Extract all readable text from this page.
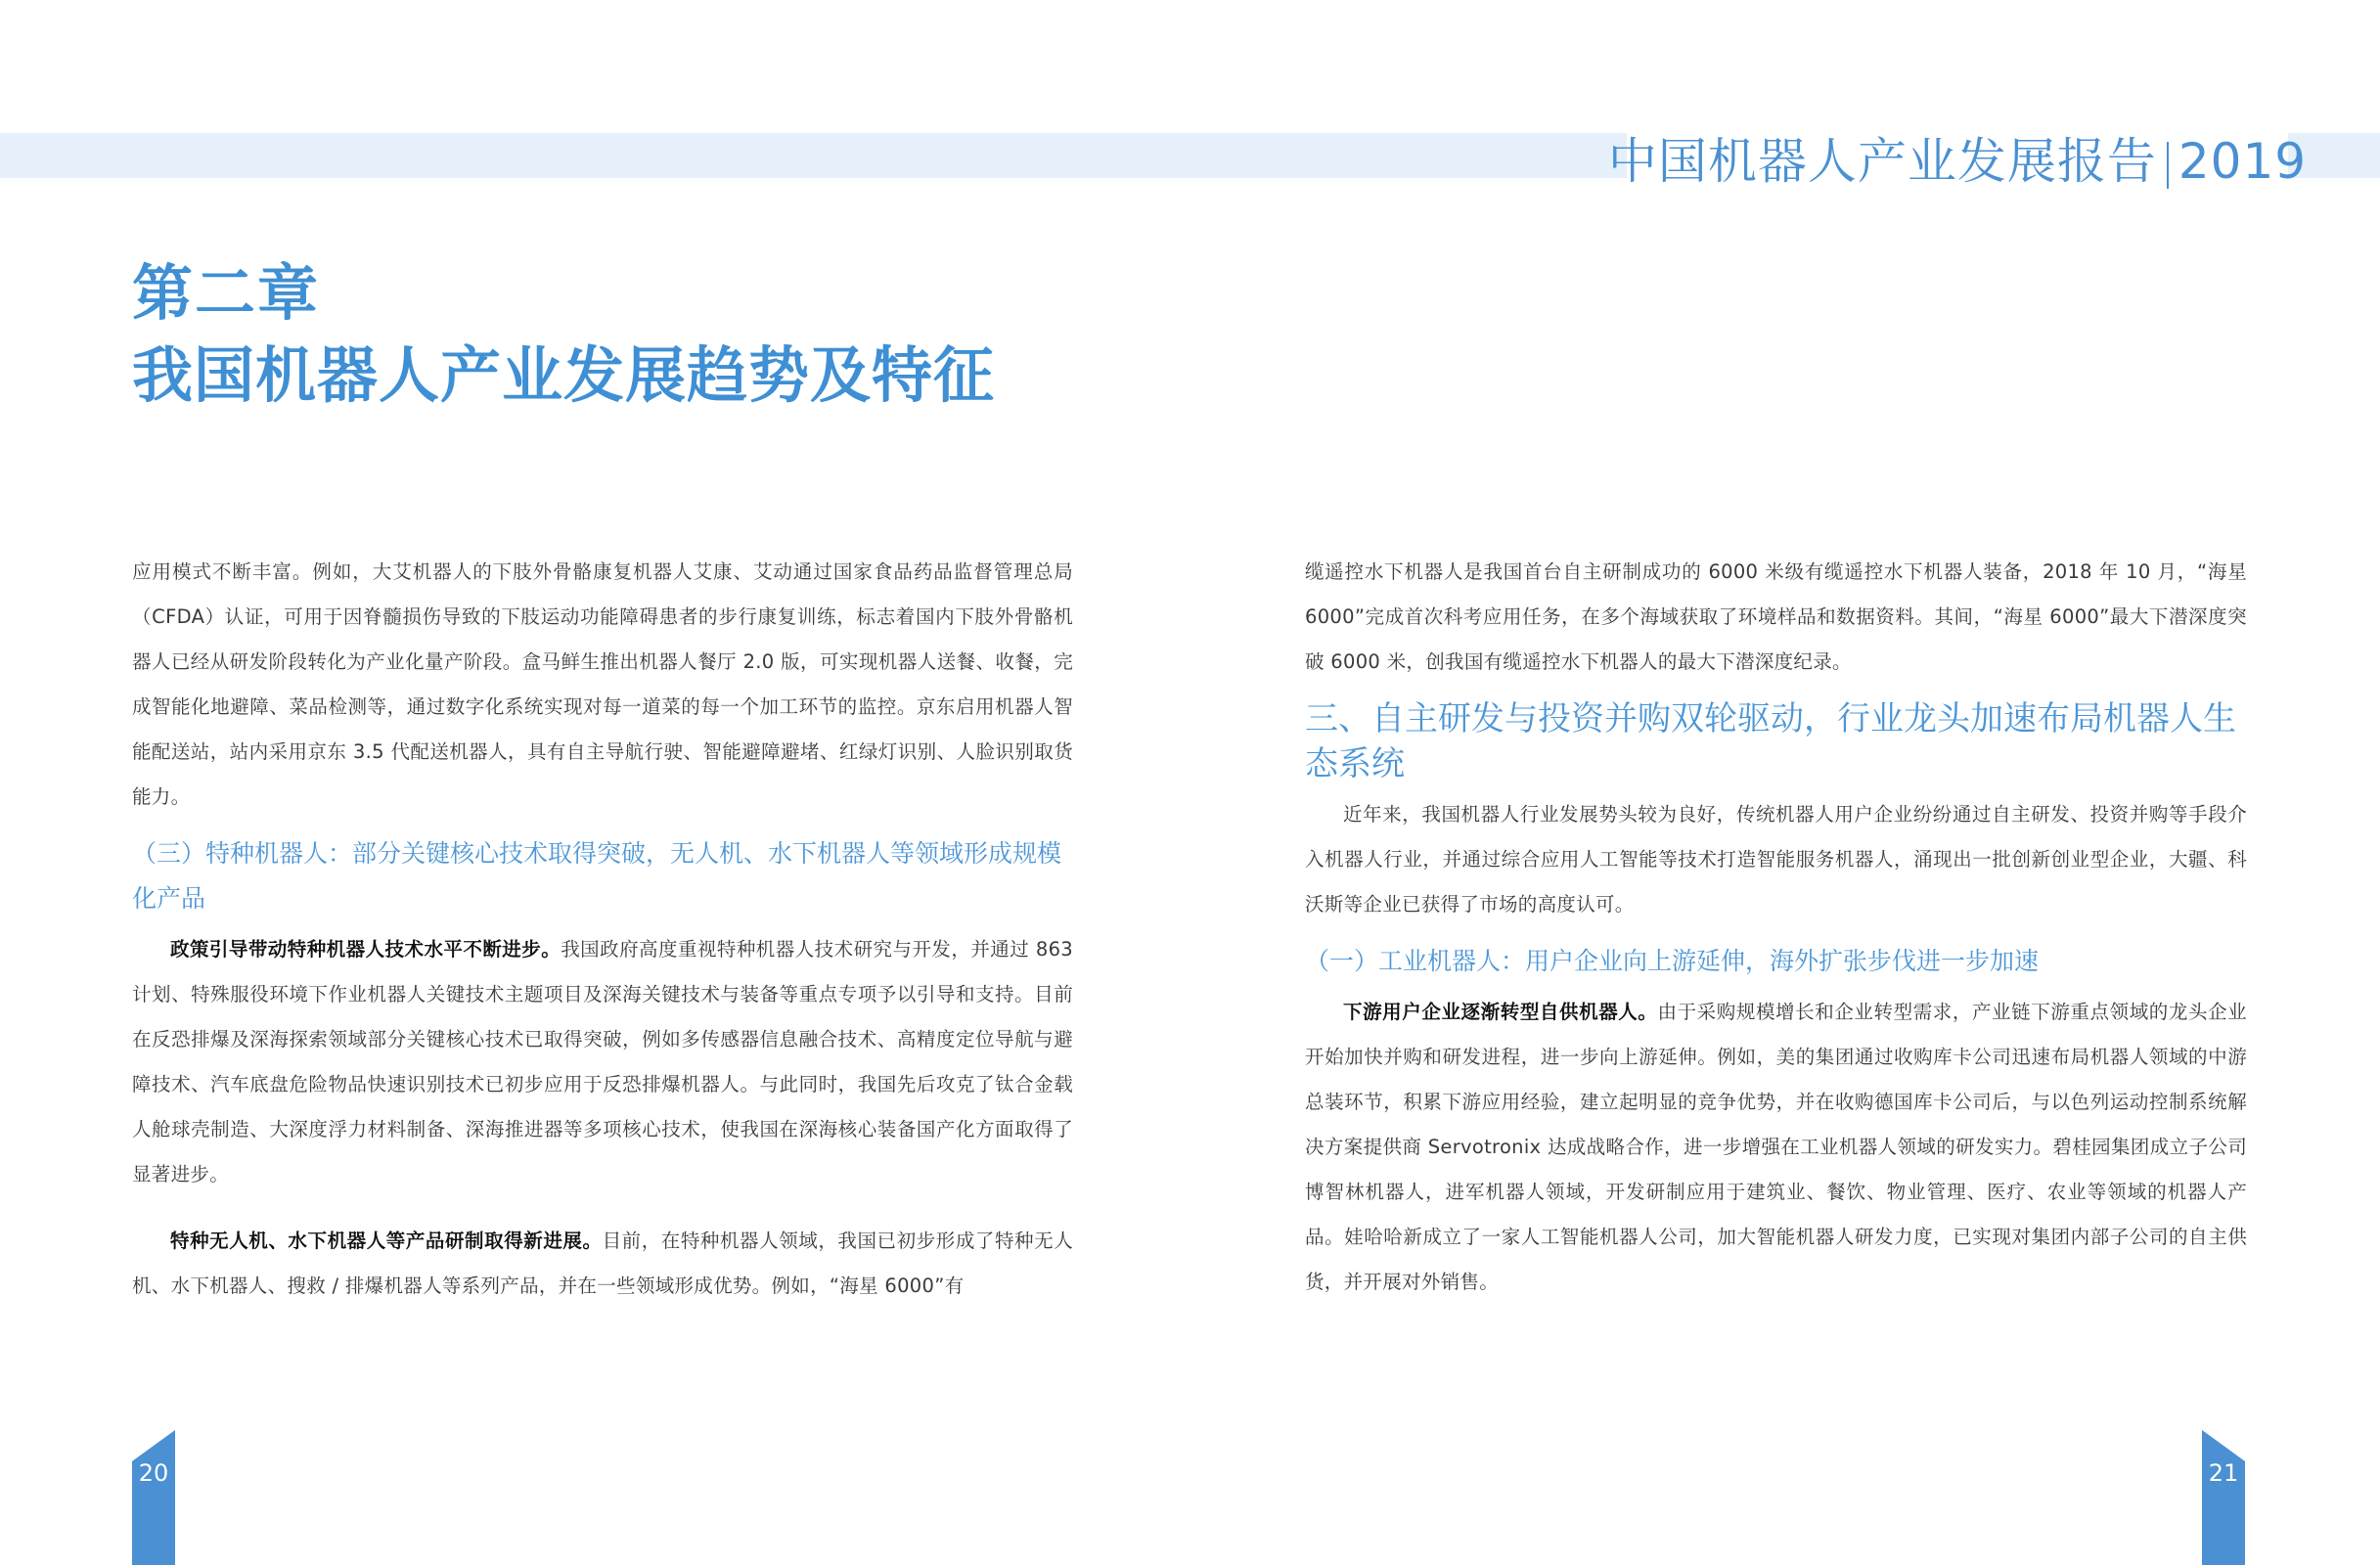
中国机器人产业发展报告 2019
第二章
我国机器人产业发展趋势及特征

应用模式不断丰富。例如，大艾机器人的下肢外骨骼康复机器人艾康、艾动通过国家食品药品监督管理总局（CFDA）认证，可用于因脊髓损伤导致的下肢运动功能障碍患者的步行康复训练，标志着国内下肢外骨骼机器人已经从研发阶段转化为产业化量产阶段。盒马鲜生推出机器人餐厅 2.0 版，可实现机器人送餐、收餐，完成智能化地避障、菜品检测等，通过数字化系统实现对每一道菜的每一个加工环节的监控。京东启用机器人智能配送站，站内采用京东 3.5 代配送机器人，具有自主导航行驶、智能避障避堵、红绿灯识别、人脸识别取货能力。

（三）特种机器人：部分关键核心技术取得突破，无人机、水下机器人等领域形成规模化产品

政策引导带动特种机器人技术水平不断进步。我国政府高度重视特种机器人技术研究与开发，并通过 863 计划、特殊服役环境下作业机器人关键技术主题项目及深海关键技术与装备等重点专项予以引导和支持。目前在反恐排爆及深海探索领域部分关键核心技术已取得突破，例如多传感器信息融合技术、高精度定位导航与避障技术、汽车底盘危险物品快速识别技术已初步应用于反恐排爆机器人。与此同时，我国先后攻克了钛合金载人舱球壳制造、大深度浮力材料制备、深海推进器等多项核心技术，使我国在深海核心装备国产化方面取得了显著进步。

特种无人机、水下机器人等产品研制取得新进展。目前，在特种机器人领域，我国已初步形成了特种无人机、水下机器人、搜救 / 排爆机器人等系列产品，并在一些领域形成优势。例如，“海星 6000”有

缆遥控水下机器人是我国首台自主研制成功的 6000 米级有缆遥控水下机器人装备，2018 年 10 月，“海星 6000”完成首次科考应用任务，在多个海域获取了环境样品和数据资料。其间，“海星 6000”最大下潜深度突破 6000 米，创我国有缆遥控水下机器人的最大下潜深度纪录。

三、自主研发与投资并购双轮驱动，行业龙头加速布局机器人生态系统

近年来，我国机器人行业发展势头较为良好，传统机器人用户企业纷纷通过自主研发、投资并购等手段介入机器人行业，并通过综合应用人工智能等技术打造智能服务机器人，涌现出一批创新创业型企业，大疆、科沃斯等企业已获得了市场的高度认可。

（一）工业机器人：用户企业向上游延伸，海外扩张步伐进一步加速

下游用户企业逐渐转型自供机器人。由于采购规模增长和企业转型需求，产业链下游重点领域的龙头企业开始加快并购和研发进程，进一步向上游延伸。例如，美的集团通过收购库卡公司迅速布局机器人领域的中游总装环节，积累下游应用经验，建立起明显的竞争优势，并在收购德国库卡公司后，与以色列运动控制系统解决方案提供商 Servotronix 达成战略合作，进一步增强在工业机器人领域的研发实力。碧桂园集团成立子公司博智林机器人，进军机器人领域，开发研制应用于建筑业、餐饮、物业管理、医疗、农业等领域的机器人产品。娃哈哈新成立了一家人工智能机器人公司，加大智能机器人研发力度，已实现对集团内部子公司的自主供货，并开展对外销售。

20	21
